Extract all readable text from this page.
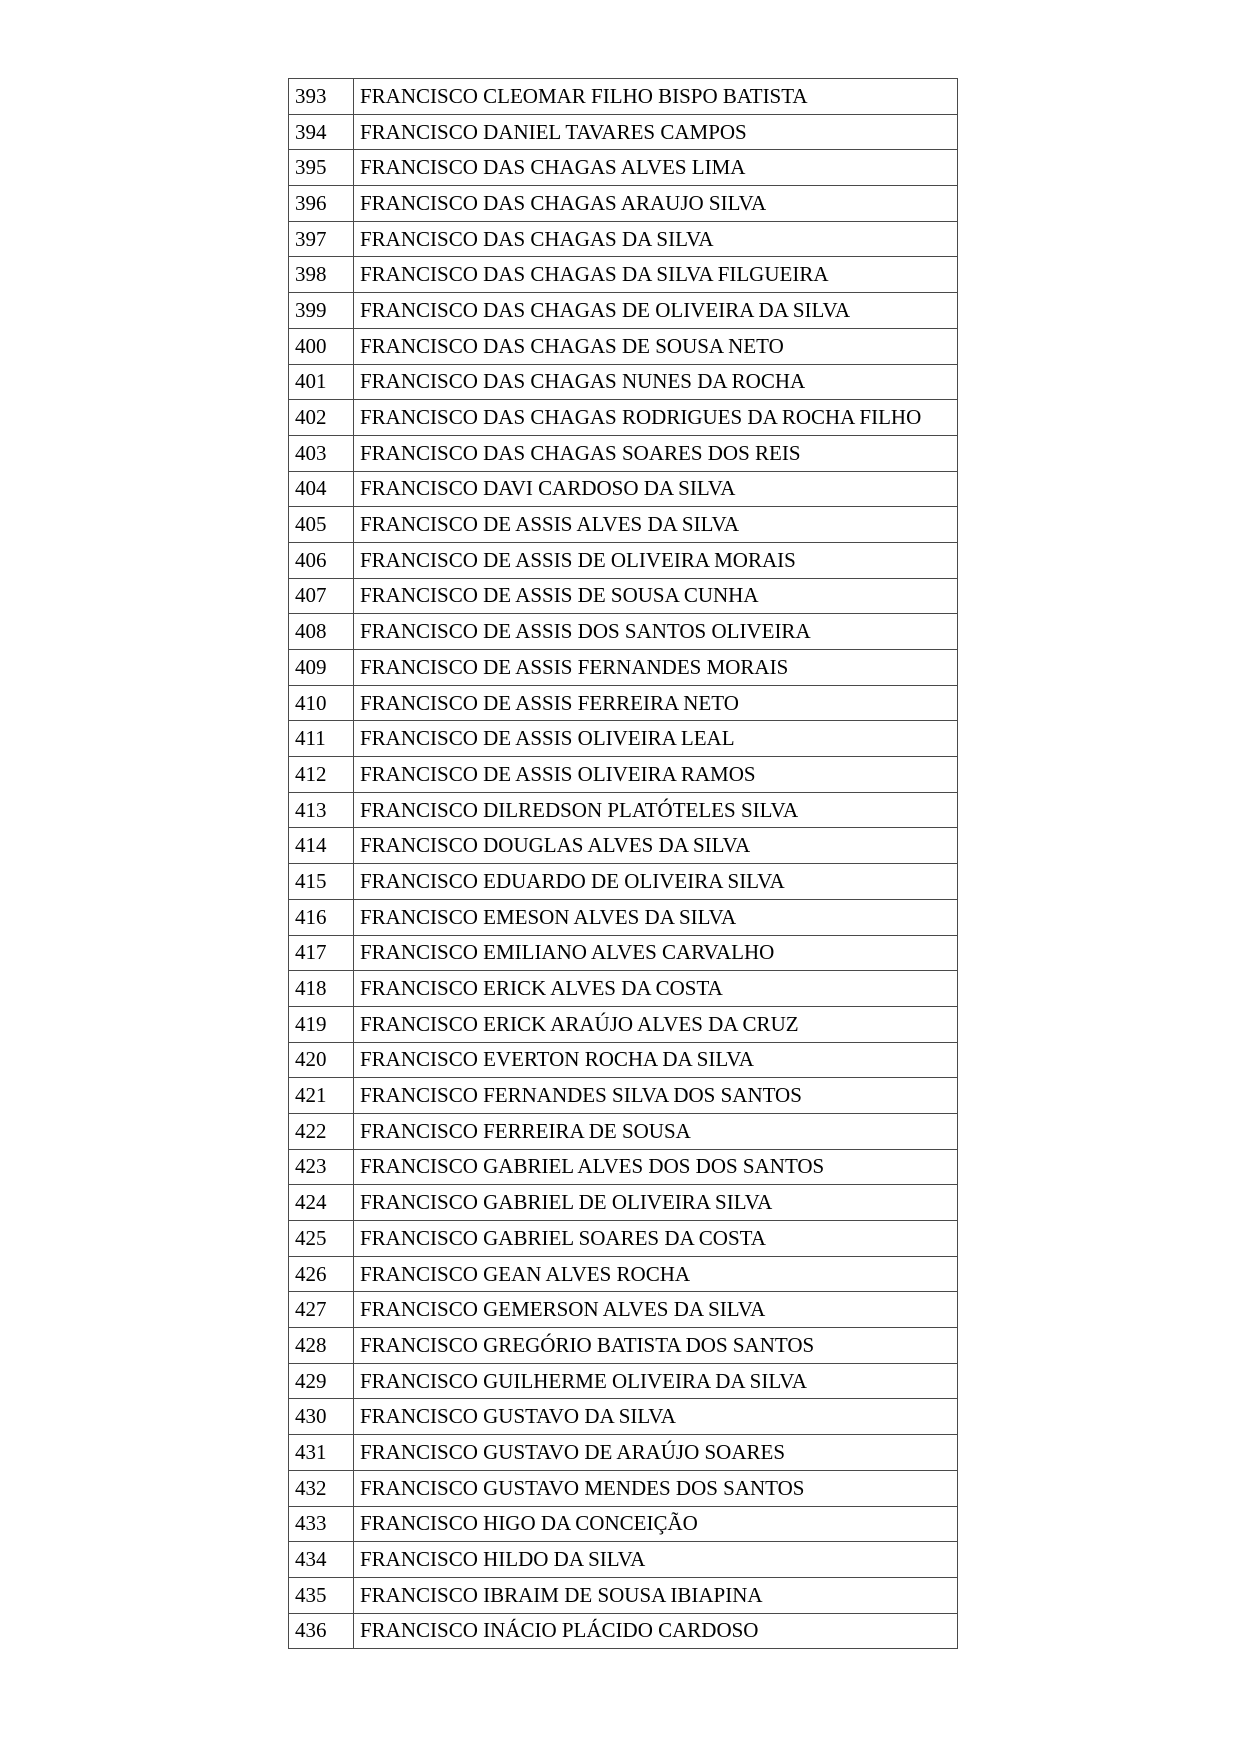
393	FRANCISCO CLEOMAR FILHO BISPO BATISTA
394	FRANCISCO DANIEL TAVARES CAMPOS
395	FRANCISCO DAS CHAGAS ALVES LIMA
396	FRANCISCO DAS CHAGAS ARAUJO SILVA
397	FRANCISCO DAS CHAGAS DA SILVA
398	FRANCISCO DAS CHAGAS DA SILVA FILGUEIRA
399	FRANCISCO DAS CHAGAS DE OLIVEIRA DA SILVA
400	FRANCISCO DAS CHAGAS DE SOUSA NETO
401	FRANCISCO DAS CHAGAS NUNES DA ROCHA
402	FRANCISCO DAS CHAGAS RODRIGUES DA ROCHA FILHO
403	FRANCISCO DAS CHAGAS SOARES DOS REIS
404	FRANCISCO DAVI CARDOSO DA SILVA
405	FRANCISCO DE ASSIS ALVES DA SILVA
406	FRANCISCO DE ASSIS DE OLIVEIRA MORAIS
407	FRANCISCO DE ASSIS DE SOUSA CUNHA
408	FRANCISCO DE ASSIS DOS SANTOS OLIVEIRA
409	FRANCISCO DE ASSIS FERNANDES MORAIS
410	FRANCISCO DE ASSIS FERREIRA NETO
411	FRANCISCO DE ASSIS OLIVEIRA LEAL
412	FRANCISCO DE ASSIS OLIVEIRA RAMOS
413	FRANCISCO DILREDSON PLATÓTELES SILVA
414	FRANCISCO DOUGLAS ALVES DA SILVA
415	FRANCISCO EDUARDO DE OLIVEIRA SILVA
416	FRANCISCO EMESON ALVES DA SILVA
417	FRANCISCO EMILIANO ALVES CARVALHO
418	FRANCISCO ERICK ALVES DA COSTA
419	FRANCISCO ERICK ARAÚJO ALVES DA CRUZ
420	FRANCISCO EVERTON ROCHA DA SILVA
421	FRANCISCO FERNANDES SILVA DOS SANTOS
422	FRANCISCO FERREIRA DE SOUSA
423	FRANCISCO GABRIEL ALVES DOS DOS SANTOS
424	FRANCISCO GABRIEL DE OLIVEIRA SILVA
425	FRANCISCO GABRIEL SOARES DA COSTA
426	FRANCISCO GEAN ALVES ROCHA
427	FRANCISCO GEMERSON ALVES DA SILVA
428	FRANCISCO GREGÓRIO BATISTA DOS SANTOS
429	FRANCISCO GUILHERME OLIVEIRA DA SILVA
430	FRANCISCO GUSTAVO DA SILVA
431	FRANCISCO GUSTAVO DE ARAÚJO SOARES
432	FRANCISCO GUSTAVO MENDES DOS SANTOS
433	FRANCISCO HIGO DA CONCEIÇÃO
434	FRANCISCO HILDO DA SILVA
435	FRANCISCO IBRAIM DE SOUSA IBIAPINA
436	FRANCISCO INÁCIO PLÁCIDO CARDOSO
